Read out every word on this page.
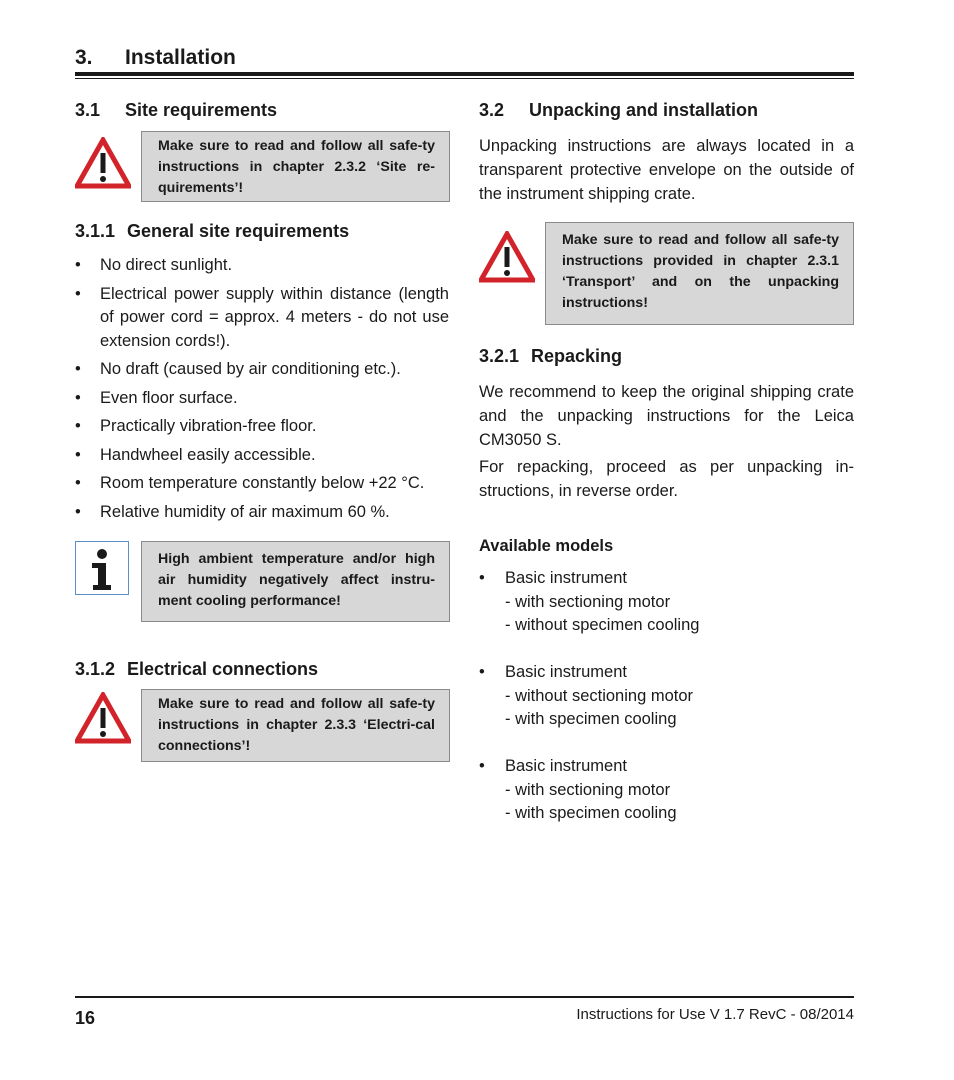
3. Installation
3.1 Site requirements
Make sure to read and follow all safe-ty instructions in chapter 2.3.2 ‘Site re-quirements’!
3.1.1 General site requirements
• No direct sunlight.
• Electrical power supply within distance (length of power cord = approx. 4 meters - do not use extension cords!).
• No draft (caused by air conditioning etc.).
• Even floor surface.
• Practically vibration-free floor.
• Handwheel easily accessible.
• Room temperature constantly below +22 °C.
• Relative humidity of air maximum 60 %.
High ambient temperature and/or high air humidity negatively affect instru-ment cooling performance!
3.1.2 Electrical connections
Make sure to read and follow all safe-ty instructions in chapter 2.3.3 ‘Electri-cal connections’!
3.2 Unpacking and installation
Unpacking instructions are always located in a transparent protective envelope on the outside of the instrument shipping crate.
Make sure to read and follow all safe-ty instructions provided in chapter 2.3.1 ‘Transport’ and on the unpacking instructions!
3.2.1 Repacking
We recommend to keep the original shipping crate and the unpacking instructions for the Leica CM3050 S.
For repacking, proceed as per unpacking in-structions, in reverse order.
Available models
• Basic instrument
- with sectioning motor
- without specimen cooling
• Basic instrument
- without sectioning motor
- with specimen cooling
• Basic instrument
- with sectioning motor
- with specimen cooling
16	Instructions for Use V 1.7 RevC - 08/2014
